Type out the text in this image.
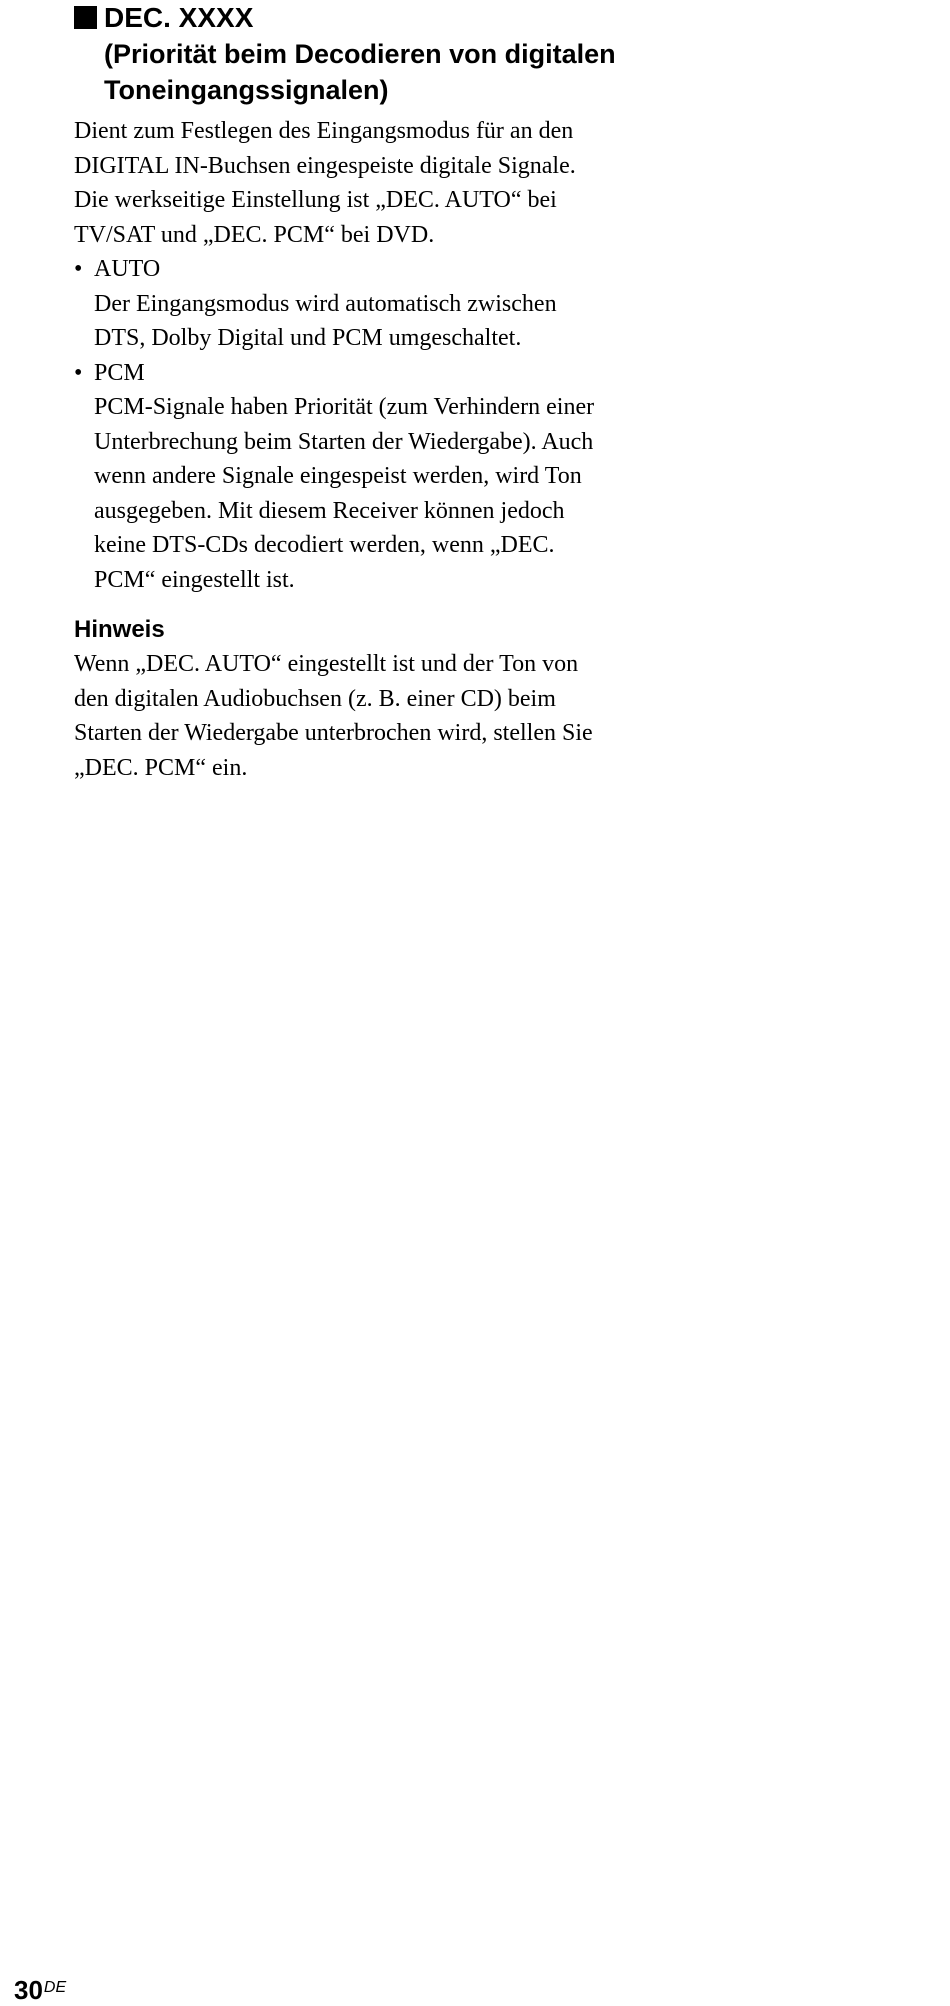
DEC. XXXX
(Priorität beim Decodieren von digitalen
Toneingangssignalen)
Dient zum Festlegen des Eingangsmodus für an den
DIGITAL IN-Buchsen eingespeiste digitale Signale.
Die werkseitige Einstellung ist „DEC. AUTO“ bei
TV/SAT und „DEC. PCM“ bei DVD.
• AUTO
Der Eingangsmodus wird automatisch zwischen
DTS, Dolby Digital und PCM umgeschaltet.
• PCM
PCM-Signale haben Priorität (zum Verhindern einer
Unterbrechung beim Starten der Wiedergabe). Auch
wenn andere Signale eingespeist werden, wird Ton
ausgegeben. Mit diesem Receiver können jedoch
keine DTS-CDs decodiert werden, wenn „DEC.
PCM“ eingestellt ist.
Hinweis
Wenn „DEC. AUTO“ eingestellt ist und der Ton von
den digitalen Audiobuchsen (z. B. einer CD) beim
Starten der Wiedergabe unterbrochen wird, stellen Sie
„DEC. PCM“ ein.
30DE
